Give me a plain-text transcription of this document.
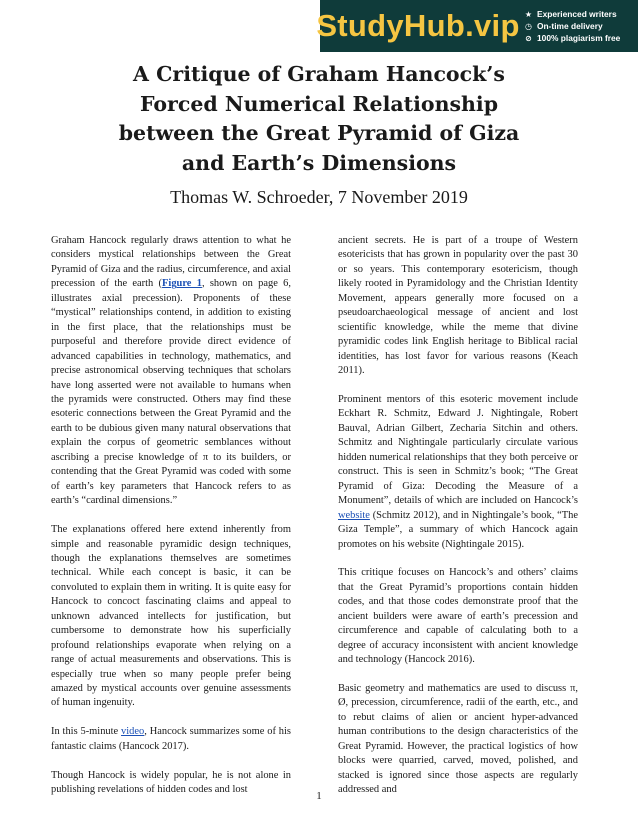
StudyHub.vip ★ Experienced writers
◷ On-time delivery
⊘ 100% plagiarism free
A Critique of Graham Hancock’s
Forced Numerical Relationship
between the Great Pyramid of Giza
and Earth’s Dimensions
Thomas W. Schroeder, 7 November 2019

Graham Hancock regularly draws attention to what he considers mystical relationships between the Great Pyramid of Giza and the radius, circumference, and axial precession of the earth (Figure 1, shown on page 6, illustrates axial precession). Proponents of these “mystical” relationships contend, in addition to existing in the first place, that the relationships must be purposeful and therefore provide direct evidence of advanced capabilities in technology, mathematics, and precise astronomical observing techniques that scholars have long asserted were not available to humans when the pyramids were constructed. Others may find these esoteric connections between the Great Pyramid and the earth to be dubious given many natural observations that explain the corpus of geometric semblances without ascribing a precise knowledge of π to its builders, or contending that the Great Pyramid was coded with some of earth’s key parameters that Hancock refers to as earth’s “cardinal dimensions.”

The explanations offered here extend inherently from simple and reasonable pyramidic design techniques, though the explanations themselves are sometimes technical. While each concept is basic, it can be convoluted to explain them in writing. It is quite easy for Hancock to concoct fascinating claims and appeal to unknown advanced intellects for justification, but cumbersome to demonstrate how his superficially profound relationships evaporate when relying on a range of actual measurements and observations. This is especially true when so many people prefer being amazed by mystical accounts over genuine assessments of human ingenuity.

In this 5-minute video, Hancock summarizes some of his fantastic claims (Hancock 2017).

Though Hancock is widely popular, he is not alone in publishing revelations of hidden codes and lost

ancient secrets. He is part of a troupe of Western esotericists that has grown in popularity over the past 30 or so years. This contemporary esotericism, though likely rooted in Pyramidology and the Christian Identity Movement, appears generally more focused on a pseudoarchaeological message of ancient and lost scientific knowledge, while the meme that divine pyramidic codes link English heritage to Biblical racial identities, has lost favor for various reasons (Keach 2011).

Prominent mentors of this esoteric movement include Eckhart R. Schmitz, Edward J. Nightingale, Robert Bauval, Adrian Gilbert, Zecharia Sitchin and others. Schmitz and Nightingale particularly circulate various hidden numerical relationships that they both perceive or construct. This is seen in Schmitz’s book; “The Great Pyramid of Giza: Decoding the Measure of a Monument”, details of which are included on Hancock’s website (Schmitz 2012), and in Nightingale’s book, “The Giza Temple”, a summary of which Hancock again promotes on his website (Nightingale 2015).

This critique focuses on Hancock’s and others’ claims that the Great Pyramid’s proportions contain hidden codes, and that those codes demonstrate proof that the ancient builders were aware of earth’s precession and circumference and capable of calculating both to a degree of accuracy inconsistent with ancient knowledge and technology (Hancock 2016).

Basic geometry and mathematics are used to discuss π, Ø, precession, circumference, radii of the earth, etc., and to rebut claims of alien or ancient hyper-advanced human contributions to the design characteristics of the Great Pyramid. However, the practical logistics of how blocks were quarried, carved, moved, polished, and stacked is ignored since those aspects are regularly addressed and

1
